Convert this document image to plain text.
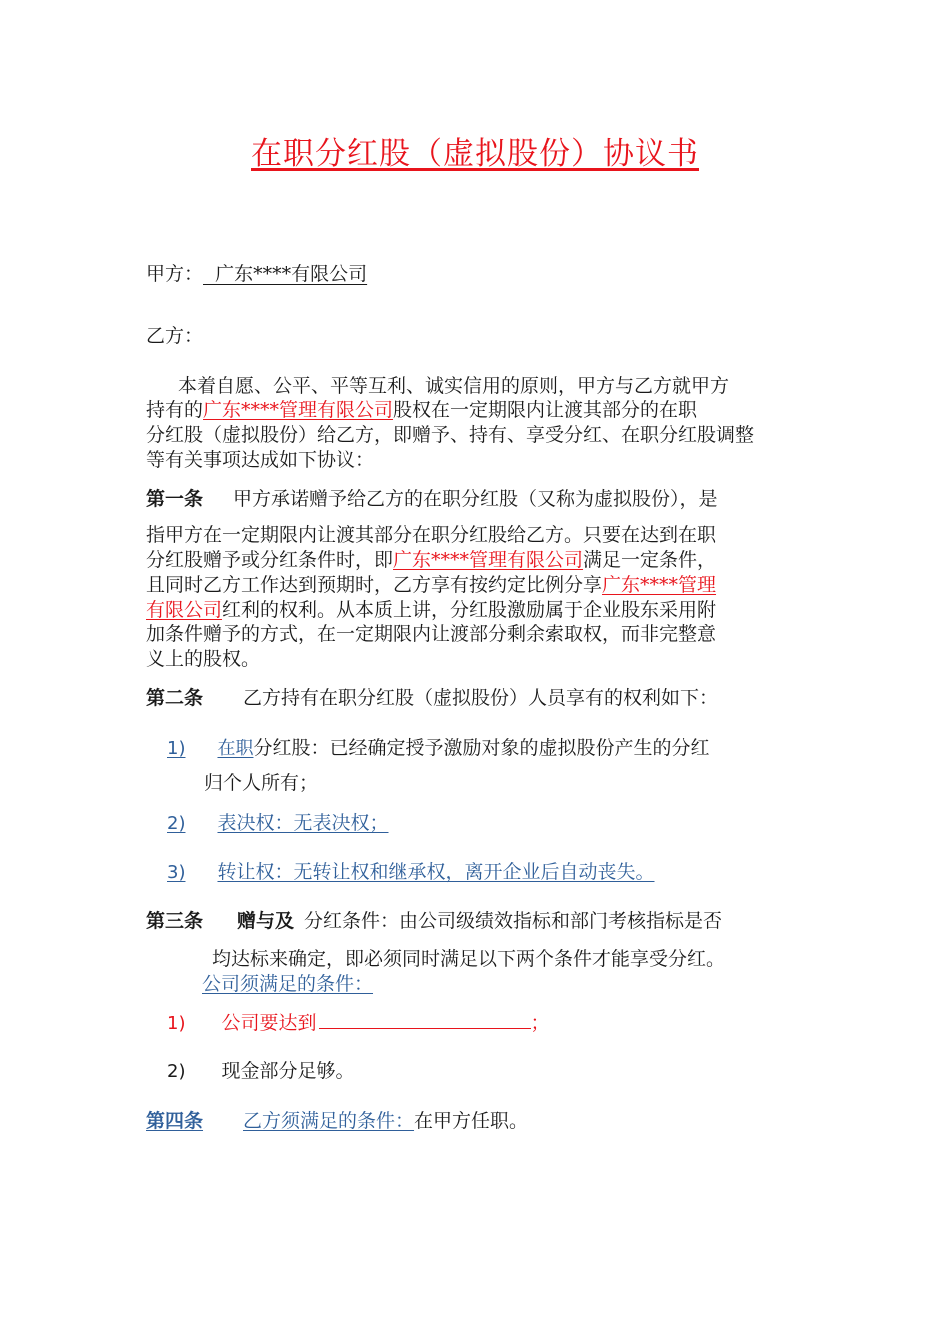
在职分红股（虚拟股份）协议书
甲方：  广东****有限公司
乙方：
本着自愿、公平、平等互利、诚实信用的原则，甲方与乙方就甲方
持有的广东****管理有限公司股权在一定期限内让渡其部分的在职
分红股（虚拟股份）给乙方，即赠予、持有、享受分红、在职分红股调整
等有关事项达成如下协议：
第一条 甲方承诺赠予给乙方的在职分红股（又称为虚拟股份），是
指甲方在一定期限内让渡其部分在职分红股给乙方。只要在达到在职
分红股赠予或分红条件时，即广东****管理有限公司满足一定条件，
且同时乙方工作达到预期时，乙方享有按约定比例分享广东****管理
有限公司红利的权利。从本质上讲，分红股激励属于企业股东采用附
加条件赠予的方式，在一定期限内让渡部分剩余索取权，而非完整意
义上的股权。
第二条 乙方持有在职分红股（虚拟股份）人员享有的权利如下：
1) 在职分红股：已经确定授予激励对象的虚拟股份产生的分红
归个人所有；
2) 表决权：无表决权；
3) 转让权：无转让权和继承权，离开企业后自动丧失。
第三条 赠与及 分红条件：由公司级绩效指标和部门考核指标是否
均达标来确定，即必须同时满足以下两个条件才能享受分红。
公司须满足的条件：
1) 公司要达到	；
2) 现金部分足够。
第四条 乙方须满足的条件：在甲方任职。
